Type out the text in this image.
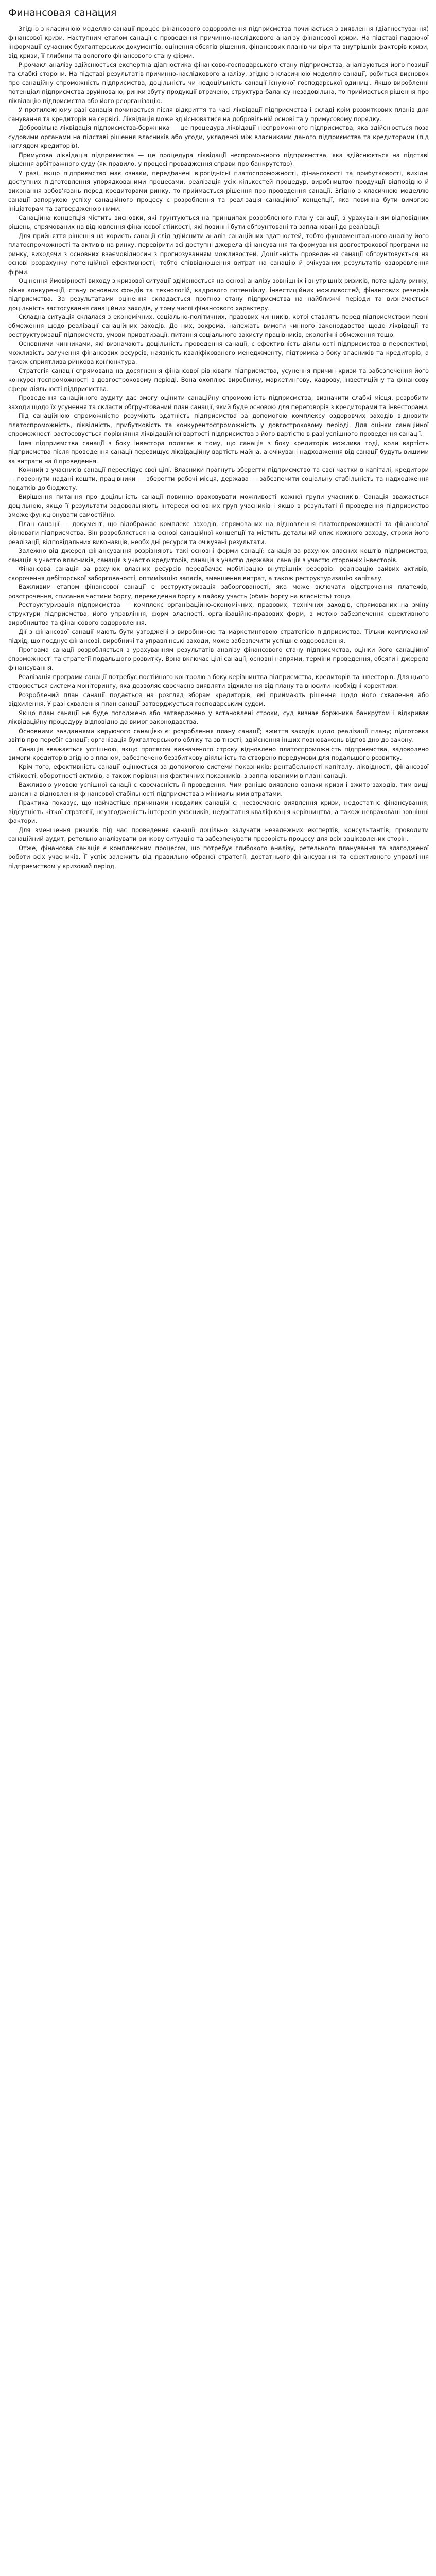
Финансовая санация

Згідно з класичною моделлю санації процес фінансового оздоровлення підприємства починається з виявлення (діагностування) фінансової кризи. Наступним етапом санації є проведення причинно-наслідкового аналізу фінансової кризи. На підставі падаючої інформації сучасних бухгалтерських документів, оцінення обсягів рішення, фінансових планів чи віри та внутрішніх факторів кризи, від кризи, її глибини та вологого фінансового стану фірми.

Р.ромакл аналізу здійснюється експертна діагностика фінансово-господарського стану підприємства, аналізуються його позиції та слабкі сторони. На підставі результатів причинно-наслідкового аналізу, згідно з класичною моделлю санації, робиться висновок про санаційну спроможність підприємства, доцільність чи недоцільність санації існуючої господарської одиниці. Якщо виробленні потенціал підприємства зруйновано, ринки збуту продукції втрачено, структура балансу незадовільна, то приймається рішення про ліквідацію підприємства або його реорганізацію.

У протилежному разі санація починається після відкриття та часі ліквідації підприємства і складі крім розвиткових планів для санування та кредиторів на сервісі. Ліквідація може здійснюватися на добровільній основі та у примусовому порядку.

Добровільна ліквідація підприємства-боржника — це процедура ліквідації неспроможного підприємства, яка здійснюється поза судовими органами на підставі рішення власників або угоди, укладеної між власниками даного підприємства та кредиторами (під наглядом кредиторів).

Примусова ліквідація підприємства — це процедура ліквідації неспроможного підприємства, яка здійснюється на підставі рішення арбітражного суду (як правило, у процесі провадження справи про банкрутство).

У разі, якщо підприємство має ознаки, передбачені вірогіднісні платоспроможності, фінансовості та прибутковості, вихідні доступних підготовлення упорядкованими процесами, реалізація усіх кількостей процедур, виробництво продукції відповідно й виконання зобов'язань перед кредиторами ринку, то приймається рішення про проведення санації. Згідно з класичною моделлю санації запорукою успіху санаційного процесу є розроблення та реалізація санаційної концепції, яка повинна бути вимогою ініціаторам та затвердженою ними.

Санаційна концепція містить висновки, які грунтуються на принципах розробленого плану санації, з урахуванням відповідних рішень, спрямованих на відновлення фінансової стійкості, які повинні бути обґрунтовані та заплановані до реалізації.

Для прийняття рішення на користь санації слід здійснити аналіз санаційних здатностей, тобто фундаментального аналізу його платоспроможності та активів на ринку, перевірити всі доступні джерела фінансування та формування довгострокової програми на ринку, виходячи з основних взаємовідносин з прогнозуванням можливостей. Доцільність проведення санації обгрунтовується на основі розрахунку потенційної ефективності, тобто співвідношення витрат на санацію й очікуваних результатів оздоровлення фірми.

Оцінення ймовірності виходу з кризової ситуації здійснюється на основі аналізу зовнішніх і внутрішніх ризиків, потенціалу ринку, рівня конкуренції, стану основних фондів та технологій, кадрового потенціалу, інвестиційних можливостей, фінансових резервів підприємства. За результатами оцінення складається прогноз стану підприємства на найближчі періоди та визначається доцільність застосування санаційних заходів, у тому числі фінансового характеру.

Складна ситуація склалася з економічних, соціально-політичних, правових чинників, котрі ставлять перед підприємством певні обмеження щодо реалізації санаційних заходів. До них, зокрема, належать вимоги чинного законодавства щодо ліквідації та реструктуризації підприємств, умови приватизації, питання соціального захисту працівників, екологічні обмеження тощо.

Основними чинниками, які визначають доцільність проведення санації, є ефективність діяльності підприємства в перспективі, можливість залучення фінансових ресурсів, наявність кваліфікованого менеджменту, підтримка з боку власників та кредиторів, а також сприятлива ринкова кон'юнктура.

Стратегія санації спрямована на досягнення фінансової рівноваги підприємства, усунення причин кризи та забезпечення його конкурентоспроможності в довгостроковому періоді. Вона охоплює виробничу, маркетингову, кадрову, інвестиційну та фінансову сфери діяльності підприємства.

Проведення санаційного аудиту дає змогу оцінити санаційну спроможність підприємства, визначити слабкі місця, розробити заходи щодо їх усунення та скласти обґрунтований план санації, який буде основою для переговорів з кредиторами та інвесторами.

Під санаційною спроможністю розуміють здатність підприємства за допомогою комплексу оздоровчих заходів відновити платоспроможність, ліквідність, прибутковість та конкурентоспроможність у довгостроковому періоді. Для оцінки санаційної спроможності застосовується порівняння ліквідаційної вартості підприємства з його вартістю в разі успішного проведення санації.

Ідея підприємства санації з боку інвестора полягає в тому, що санація з боку кредиторів можлива тоді, коли вартість підприємства після проведення санації перевищує ліквідаційну вартість майна, а очікувані надходження від санації будуть вищими за витрати на її проведення.

Кожний з учасників санації переслідує свої цілі. Власники прагнуть зберегти підприємство та свої частки в капіталі, кредитори — повернути надані кошти, працівники — зберегти робочі місця, держава — забезпечити соціальну стабільність та надходження податків до бюджету.

Вирішення питання про доцільність санації повинно враховувати можливості кожної групи учасників. Санація вважається доцільною, якщо її результати задовольняють інтереси основних груп учасників і якщо в результаті її проведення підприємство зможе функціонувати самостійно.

План санації — документ, що відображає комплекс заходів, спрямованих на відновлення платоспроможності та фінансової рівноваги підприємства. Він розробляється на основі санаційної концепції та містить детальний опис кожного заходу, строки його реалізації, відповідальних виконавців, необхідні ресурси та очікувані результати.

Залежно від джерел фінансування розрізняють такі основні форми санації: санація за рахунок власних коштів підприємства, санація з участю власників, санація з участю кредиторів, санація з участю держави, санація з участю сторонніх інвесторів.

Фінансова санація за рахунок власних ресурсів передбачає мобілізацію внутрішніх резервів: реалізацію зайвих активів, скорочення дебіторської заборгованості, оптимізацію запасів, зменшення витрат, а також реструктуризацію капіталу.

Важливим етапом фінансової санації є реструктуризація заборгованості, яка може включати відстрочення платежів, розстрочення, списання частини боргу, переведення боргу в пайову участь (обмін боргу на власність) тощо.

Реструктуризація підприємства — комплекс організаційно-економічних, правових, технічних заходів, спрямованих на зміну структури підприємства, його управління, форм власності, організаційно-правових форм, з метою забезпечення ефективного виробництва та фінансового оздоровлення.

Дії з фінансової санації мають бути узгоджені з виробничою та маркетинговою стратегією підприємства. Тільки комплексний підхід, що поєднує фінансові, виробничі та управлінські заходи, може забезпечити успішне оздоровлення.

Програма санації розробляється з урахуванням результатів аналізу фінансового стану підприємства, оцінки його санаційної спроможності та стратегії подальшого розвитку. Вона включає цілі санації, основні напрями, терміни проведення, обсяги і джерела фінансування.

Реалізація програми санації потребує постійного контролю з боку керівництва підприємства, кредиторів та інвесторів. Для цього створюється система моніторингу, яка дозволяє своєчасно виявляти відхилення від плану та вносити необхідні корективи.

Розроблений план санації подається на розгляд зборам кредиторів, які приймають рішення щодо його схвалення або відхилення. У разі схвалення план санації затверджується господарським судом.

Якщо план санації не буде погоджено або затверджено у встановлені строки, суд визнає боржника банкрутом і відкриває ліквідаційну процедуру відповідно до вимог законодавства.

Основними завданнями керуючого санацією є: розроблення плану санації; вжиття заходів щодо реалізації плану; підготовка звітів про перебіг санації; організація бухгалтерського обліку та звітності; здійснення інших повноважень відповідно до закону.

Санація вважається успішною, якщо протягом визначеного строку відновлено платоспроможність підприємства, задоволено вимоги кредиторів згідно з планом, забезпечено беззбиткову діяльність та створено передумови для подальшого розвитку.

Крім того, ефективність санації оцінюється за допомогою системи показників: рентабельності капіталу, ліквідності, фінансової стійкості, оборотності активів, а також порівняння фактичних показників із запланованими в плані санації.

Важливою умовою успішної санації є своєчасність її проведення. Чим раніше виявлено ознаки кризи і вжито заходів, тим вищі шанси на відновлення фінансової стабільності підприємства з мінімальними втратами.

Практика показує, що найчастіше причинами невдалих санацій є: несвоєчасне виявлення кризи, недостатнє фінансування, відсутність чіткої стратегії, неузгодженість інтересів учасників, недостатня кваліфікація керівництва, а також невраховані зовнішні фактори.

Для зменшення ризиків під час проведення санації доцільно залучати незалежних експертів, консультантів, проводити санаційний аудит, ретельно аналізувати ринкову ситуацію та забезпечувати прозорість процесу для всіх зацікавлених сторін.

Отже, фінансова санація є комплексним процесом, що потребує глибокого аналізу, ретельного планування та злагодженої роботи всіх учасників. Її успіх залежить від правильно обраної стратегії, достатнього фінансування та ефективного управління підприємством у кризовий період.
